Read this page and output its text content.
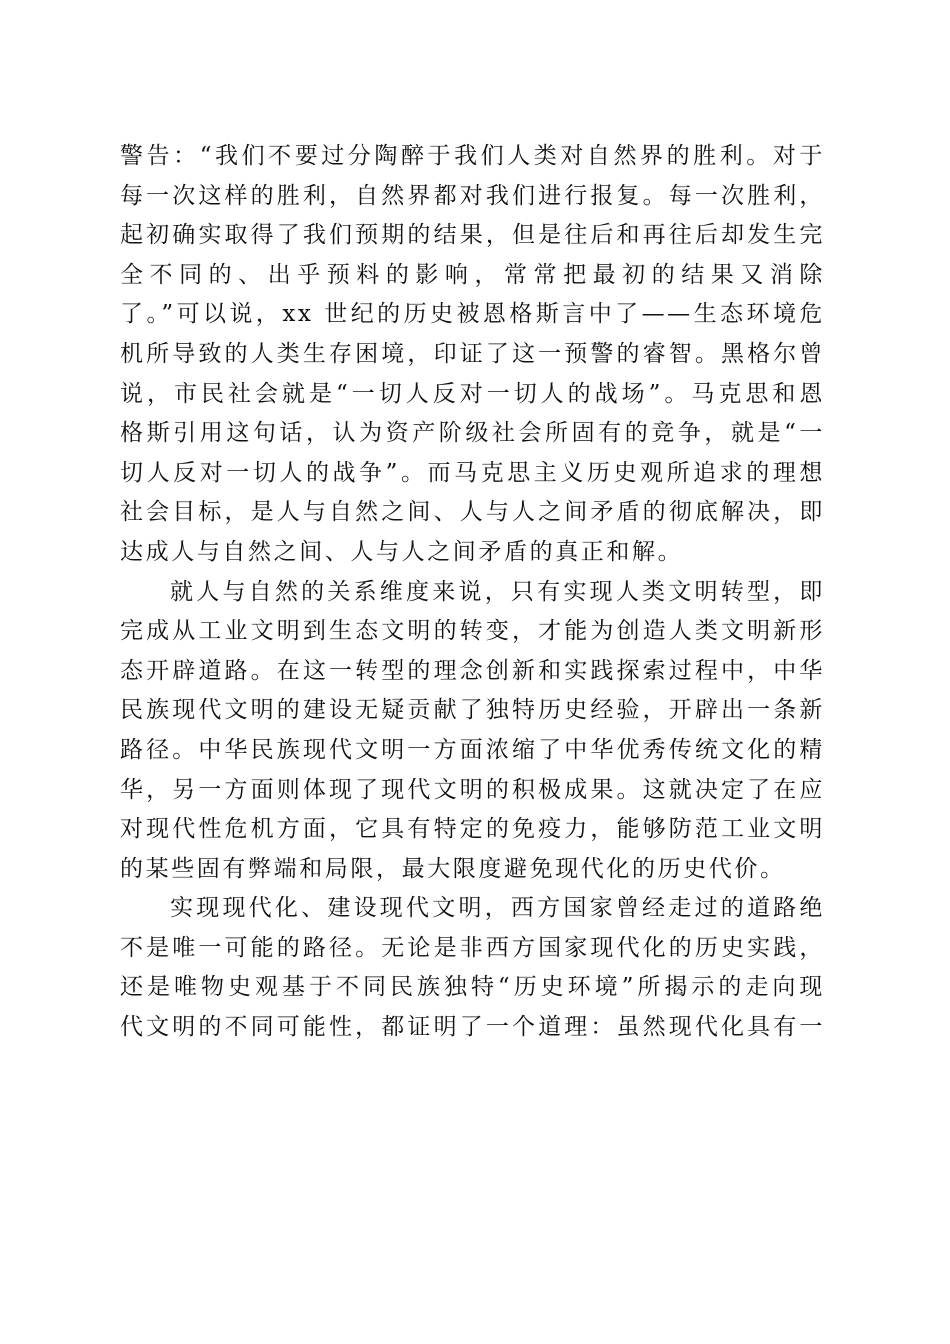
警告：“我们不要过分陶醉于我们人类对自然界的胜利。对于
每一次这样的胜利，自然界都对我们进行报复。每一次胜利，
起初确实取得了我们预期的结果，但是往后和再往后却发生完
全不同的、出乎预料的影响，常常把最初的结果又消除
了。”可以说，xx 世纪的历史被恩格斯言中了——生态环境危
机所导致的人类生存困境，印证了这一预警的睿智。黑格尔曾
说，市民社会就是“一切人反对一切人的战场”。马克思和恩
格斯引用这句话，认为资产阶级社会所固有的竞争，就是“一
切人反对一切人的战争”。而马克思主义历史观所追求的理想
社会目标，是人与自然之间、人与人之间矛盾的彻底解决，即
达成人与自然之间、人与人之间矛盾的真正和解。
就人与自然的关系维度来说，只有实现人类文明转型，即
完成从工业文明到生态文明的转变，才能为创造人类文明新形
态开辟道路。在这一转型的理念创新和实践探索过程中，中华
民族现代文明的建设无疑贡献了独特历史经验，开辟出一条新
路径。中华民族现代文明一方面浓缩了中华优秀传统文化的精
华，另一方面则体现了现代文明的积极成果。这就决定了在应
对现代性危机方面，它具有特定的免疫力，能够防范工业文明
的某些固有弊端和局限，最大限度避免现代化的历史代价。
实现现代化、建设现代文明，西方国家曾经走过的道路绝
不是唯一可能的路径。无论是非西方国家现代化的历史实践，
还是唯物史观基于不同民族独特“历史环境”所揭示的走向现
代文明的不同可能性，都证明了一个道理：虽然现代化具有一
